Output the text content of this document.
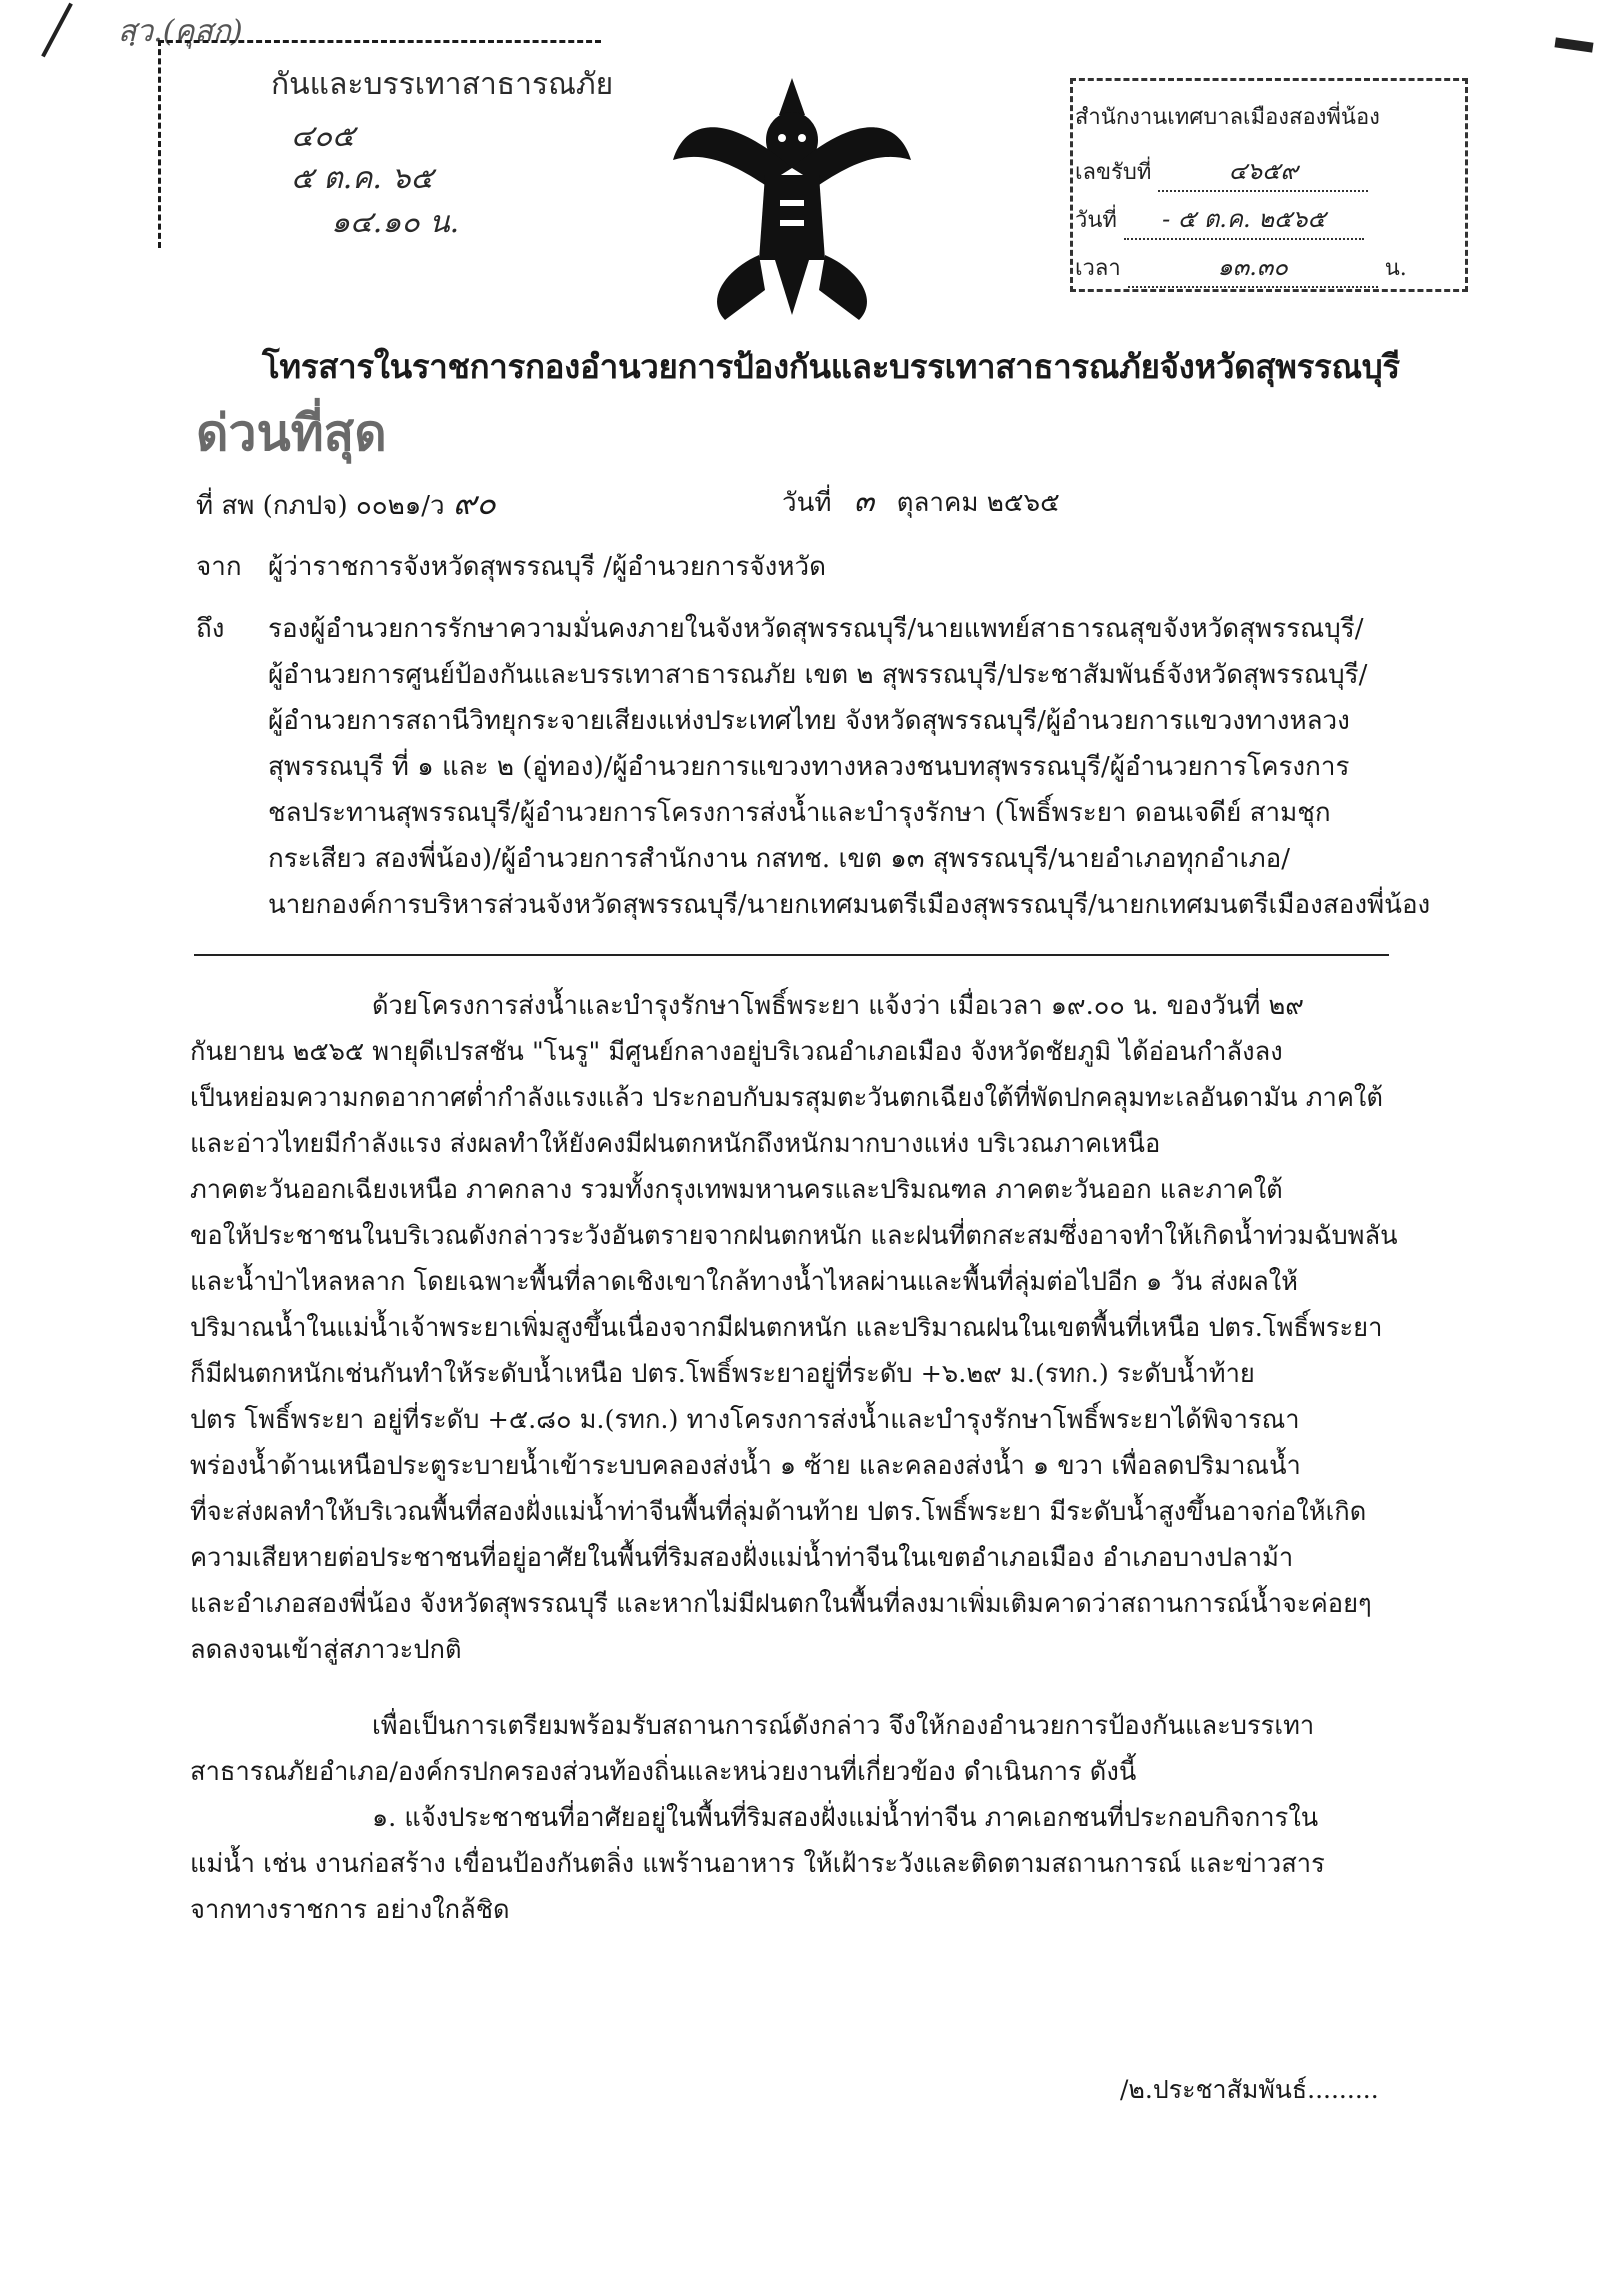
สฺว.(คุสก)
กันและบรรเทาสาธารณภัย
๔๐๕
๕ ต.ค. ๖๕
๑๔.๑๐ น.
สำนักงานเทศบาลเมืองสองพี่น้อง
เลขรับที่	๔๖๕๙
วันที่ - ๕ ต.ค. ๒๕๖๕
เวลา	๑๓.๓๐	น.
โทรสารในราชการกองอำนวยการป้องกันและบรรเทาสาธารณภัยจังหวัดสุพรรณบุรี
ด่วนที่สุด
ที่ สพ (กภปจ) ๐๐๒๑/ว ๙๐	วันที่ ๓ ตุลาคม ๒๕๖๕
จาก ผู้ว่าราชการจังหวัดสุพรรณบุรี /ผู้อำนวยการจังหวัด
ถึง รองผู้อำนวยการรักษาความมั่นคงภายในจังหวัดสุพรรณบุรี/นายแพทย์สาธารณสุขจังหวัดสุพรรณบุรี/
ผู้อำนวยการศูนย์ป้องกันและบรรเทาสาธารณภัย เขต ๒ สุพรรณบุรี/ประชาสัมพันธ์จังหวัดสุพรรณบุรี/
ผู้อำนวยการสถานีวิทยุกระจายเสียงแห่งประเทศไทย จังหวัดสุพรรณบุรี/ผู้อำนวยการแขวงทางหลวง
สุพรรณบุรี ที่ ๑ และ ๒ (อู่ทอง)/ผู้อำนวยการแขวงทางหลวงชนบทสุพรรณบุรี/ผู้อำนวยการโครงการ
ชลประทานสุพรรณบุรี/ผู้อำนวยการโครงการส่งน้ำและบำรุงรักษา (โพธิ์พระยา ดอนเจดีย์ สามชุก
กระเสียว สองพี่น้อง)/ผู้อำนวยการสำนักงาน กสทช. เขต ๑๓ สุพรรณบุรี/นายอำเภอทุกอำเภอ/
นายกองค์การบริหารส่วนจังหวัดสุพรรณบุรี/นายกเทศมนตรีเมืองสุพรรณบุรี/นายกเทศมนตรีเมืองสองพี่น้อง
ด้วยโครงการส่งน้ำและบำรุงรักษาโพธิ์พระยา แจ้งว่า เมื่อเวลา ๑๙.๐๐ น. ของวันที่ ๒๙
กันยายน ๒๕๖๕ พายุดีเปรสชัน "โนรู" มีศูนย์กลางอยู่บริเวณอำเภอเมือง จังหวัดชัยภูมิ ได้อ่อนกำลังลง
เป็นหย่อมความกดอากาศต่ำกำลังแรงแล้ว ประกอบกับมรสุมตะวันตกเฉียงใต้ที่พัดปกคลุมทะเลอันดามัน ภาคใต้
และอ่าวไทยมีกำลังแรง ส่งผลทำให้ยังคงมีฝนตกหนักถึงหนักมากบางแห่ง บริเวณภาคเหนือ
ภาคตะวันออกเฉียงเหนือ ภาคกลาง รวมทั้งกรุงเทพมหานครและปริมณฑล ภาคตะวันออก และภาคใต้
ขอให้ประชาชนในบริเวณดังกล่าวระวังอันตรายจากฝนตกหนัก และฝนที่ตกสะสมซึ่งอาจทำให้เกิดน้ำท่วมฉับพลัน
และน้ำป่าไหลหลาก โดยเฉพาะพื้นที่ลาดเชิงเขาใกล้ทางน้ำไหลผ่านและพื้นที่ลุ่มต่อไปอีก ๑ วัน ส่งผลให้
ปริมาณน้ำในแม่น้ำเจ้าพระยาเพิ่มสูงขึ้นเนื่องจากมีฝนตกหนัก และปริมาณฝนในเขตพื้นที่เหนือ ปตร.โพธิ์พระยา
ก็มีฝนตกหนักเช่นกันทำให้ระดับน้ำเหนือ ปตร.โพธิ์พระยาอยู่ที่ระดับ +๖.๒๙ ม.(รทก.) ระดับน้ำท้าย
ปตร โพธิ์พระยา อยู่ที่ระดับ +๕.๘๐ ม.(รทก.) ทางโครงการส่งน้ำและบำรุงรักษาโพธิ์พระยาได้พิจารณา
พร่องน้ำด้านเหนือประตูระบายน้ำเข้าระบบคลองส่งน้ำ ๑ ซ้าย และคลองส่งน้ำ ๑ ขวา เพื่อลดปริมาณน้ำ
ที่จะส่งผลทำให้บริเวณพื้นที่สองฝั่งแม่น้ำท่าจีนพื้นที่ลุ่มด้านท้าย ปตร.โพธิ์พระยา มีระดับน้ำสูงขึ้นอาจก่อให้เกิด
ความเสียหายต่อประชาชนที่อยู่อาศัยในพื้นที่ริมสองฝั่งแม่น้ำท่าจีนในเขตอำเภอเมือง อำเภอบางปลาม้า
และอำเภอสองพี่น้อง จังหวัดสุพรรณบุรี และหากไม่มีฝนตกในพื้นที่ลงมาเพิ่มเติมคาดว่าสถานการณ์น้ำจะค่อยๆ
ลดลงจนเข้าสู่สภาวะปกติ
เพื่อเป็นการเตรียมพร้อมรับสถานการณ์ดังกล่าว จึงให้กองอำนวยการป้องกันและบรรเทา
สาธารณภัยอำเภอ/องค์กรปกครองส่วนท้องถิ่นและหน่วยงานที่เกี่ยวข้อง ดำเนินการ ดังนี้
๑. แจ้งประชาชนที่อาศัยอยู่ในพื้นที่ริมสองฝั่งแม่น้ำท่าจีน ภาคเอกชนที่ประกอบกิจการใน
แม่น้ำ เช่น งานก่อสร้าง เขื่อนป้องกันตลิ่ง แพร้านอาหาร ให้เฝ้าระวังและติดตามสถานการณ์ และข่าวสาร
จากทางราชการ อย่างใกล้ชิด
/๒.ประชาสัมพันธ์.........
